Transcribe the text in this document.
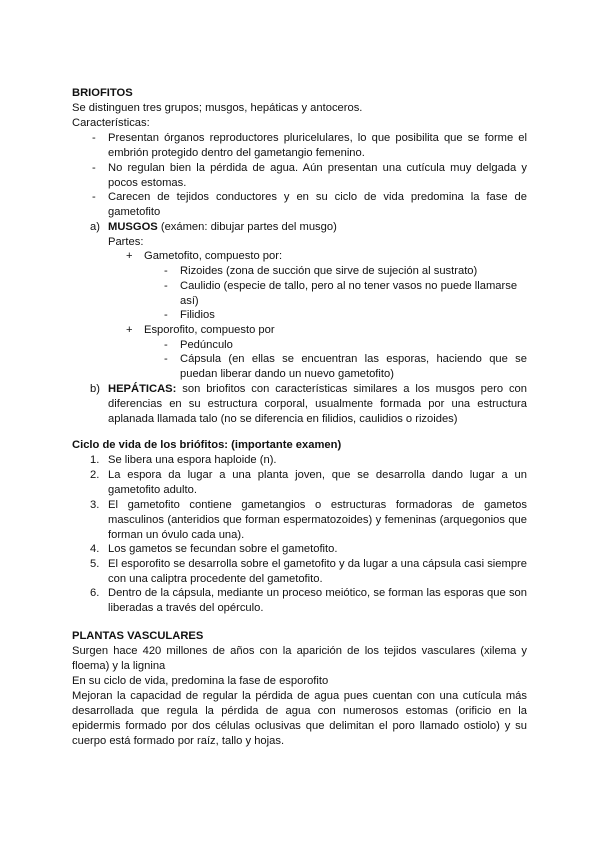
BRIOFITOS

Se distinguen tres grupos; musgos, hepáticas y antoceros.

Características:

- Presentan órganos reproductores pluricelulares, lo que posibilita que se forme el embrión protegido dentro del gametangio femenino.

- No regulan bien la pérdida de agua. Aún presentan una cutícula muy delgada y pocos estomas.

- Carecen de tejidos conductores y en su ciclo de vida predomina la fase de gametofito

a) MUSGOS (exámen: dibujar partes del musgo)

Partes:

+ Gametofito, compuesto por:

- Rizoides (zona de succión que sirve de sujeción al sustrato)

- Caulidio (especie de tallo, pero al no tener vasos no puede llamarse así)

- Filidios

+ Esporofito, compuesto por

- Pedúnculo

- Cápsula (en ellas se encuentran las esporas, haciendo que se puedan liberar dando un nuevo gametofito)

b) HEPÁTICAS: son briofitos con características similares a los musgos pero con diferencias en su estructura corporal, usualmente formada por una estructura aplanada llamada talo (no se diferencia en filidios, caulidios o rizoides)

Ciclo de vida de los briófitos: (importante examen)

1. Se libera una espora haploide (n).

2. La espora da lugar a una planta joven, que se desarrolla dando lugar a un gametofito adulto.

3. El gametofito contiene gametangios o estructuras formadoras de gametos masculinos (anteridios que forman espermatozoides) y femeninas (arquegonios que forman un óvulo cada una).

4. Los gametos se fecundan sobre el gametofito.

5. El esporofito se desarrolla sobre el gametofito y da lugar a una cápsula casi siempre con una caliptra procedente del gametofito.

6. Dentro de la cápsula, mediante un proceso meiótico, se forman las esporas que son liberadas a través del opérculo.

PLANTAS VASCULARES

Surgen hace 420 millones de años con la aparición de los tejidos vasculares (xilema y floema) y la lignina

En su ciclo de vida, predomina la fase de esporofito

Mejoran la capacidad de regular la pérdida de agua pues cuentan con una cutícula más desarrollada que regula la pérdida de agua con numerosos estomas (orificio en la epidermis formado por dos células oclusivas que delimitan el poro llamado ostiolo) y su cuerpo está formado por raíz, tallo y hojas.
